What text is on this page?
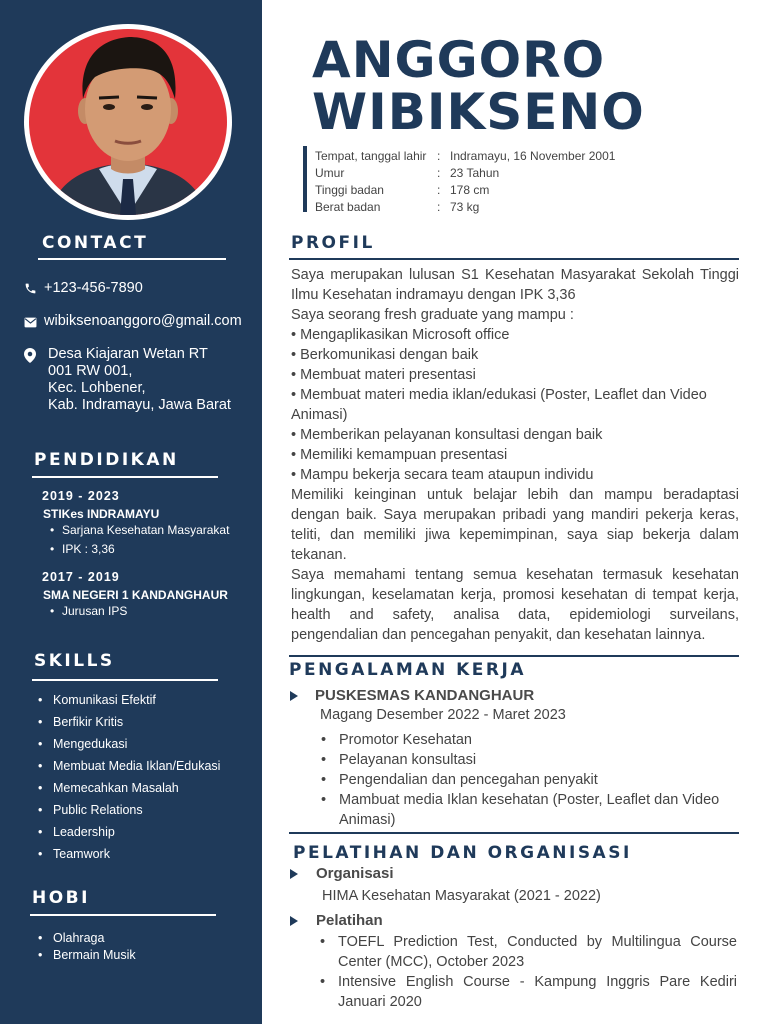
CONTACT
+123-456-7890
wibiksenoanggoro@gmail.com
Desa Kiajaran Wetan RT
001 RW 001,
Kec. Lohbener,
Kab. Indramayu, Jawa Barat
PENDIDIKAN
2019 - 2023
STIKes INDRAMAYU
• Sarjana Kesehatan Masyarakat
• IPK : 3,36
2017 - 2019
SMA NEGERI 1 KANDANGHAUR
• Jurusan IPS
SKILLS
• Komunikasi Efektif
• Berfikir Kritis
• Mengedukasi
• Membuat Media Iklan/Edukasi
• Memecahkan Masalah
• Public Relations
• Leadership
• Teamwork
HOBI
• Olahraga
• Bermain Musik
ANGGORO
WIBIKSENO
Tempat, tanggal lahir : Indramayu, 16 November 2001
Umur	: 23 Tahun
Tinggi badan	: 178 cm
Berat badan	: 73 kg
PROFIL

Saya merupakan lulusan S1 Kesehatan Masyarakat Sekolah Tinggi

Ilmu Kesehatan indramayu dengan IPK 3,36

Saya seorang fresh graduate yang mampu :

• Mengaplikasikan Microsoft office

• Berkomunikasi dengan baik

• Membuat materi presentasi

• Membuat materi media iklan/edukasi (Poster, Leaflet dan Video Animasi)

• Memberikan pelayanan konsultasi dengan baik

• Memiliki kemampuan presentasi

• Mampu bekerja secara team ataupun individu

Memiliki keinginan untuk belajar lebih dan mampu beradaptasi dengan baik. Saya merupakan pribadi yang mandiri pekerja keras, teliti, dan memiliki jiwa kepemimpinan, saya siap bekerja dalam tekanan.

Saya memahami tentang semua kesehatan termasuk kesehatan lingkungan, keselamatan kerja, promosi kesehatan di tempat kerja, health and safety, analisa data, epidemiologi surveilans, pengendalian dan pencegahan penyakit, dan kesehatan lainnya.

PENGALAMAN KERJA
PUSKESMAS KANDANGHAUR
Magang Desember 2022 - Maret 2023
• Promotor Kesehatan
• Pelayanan konsultasi
• Pengendalian dan pencegahan penyakit
• Mambuat media Iklan kesehatan (Poster, Leaflet dan Video Animasi)
PELATIHAN DAN ORGANISASI
Organisasi
HIMA Kesehatan Masyarakat (2021 - 2022)
Pelatihan
• TOEFL Prediction Test, Conducted by Multilingua Course Center (MCC), October 2023
• Intensive English Course - Kampung Inggris Pare Kediri Januari 2020
